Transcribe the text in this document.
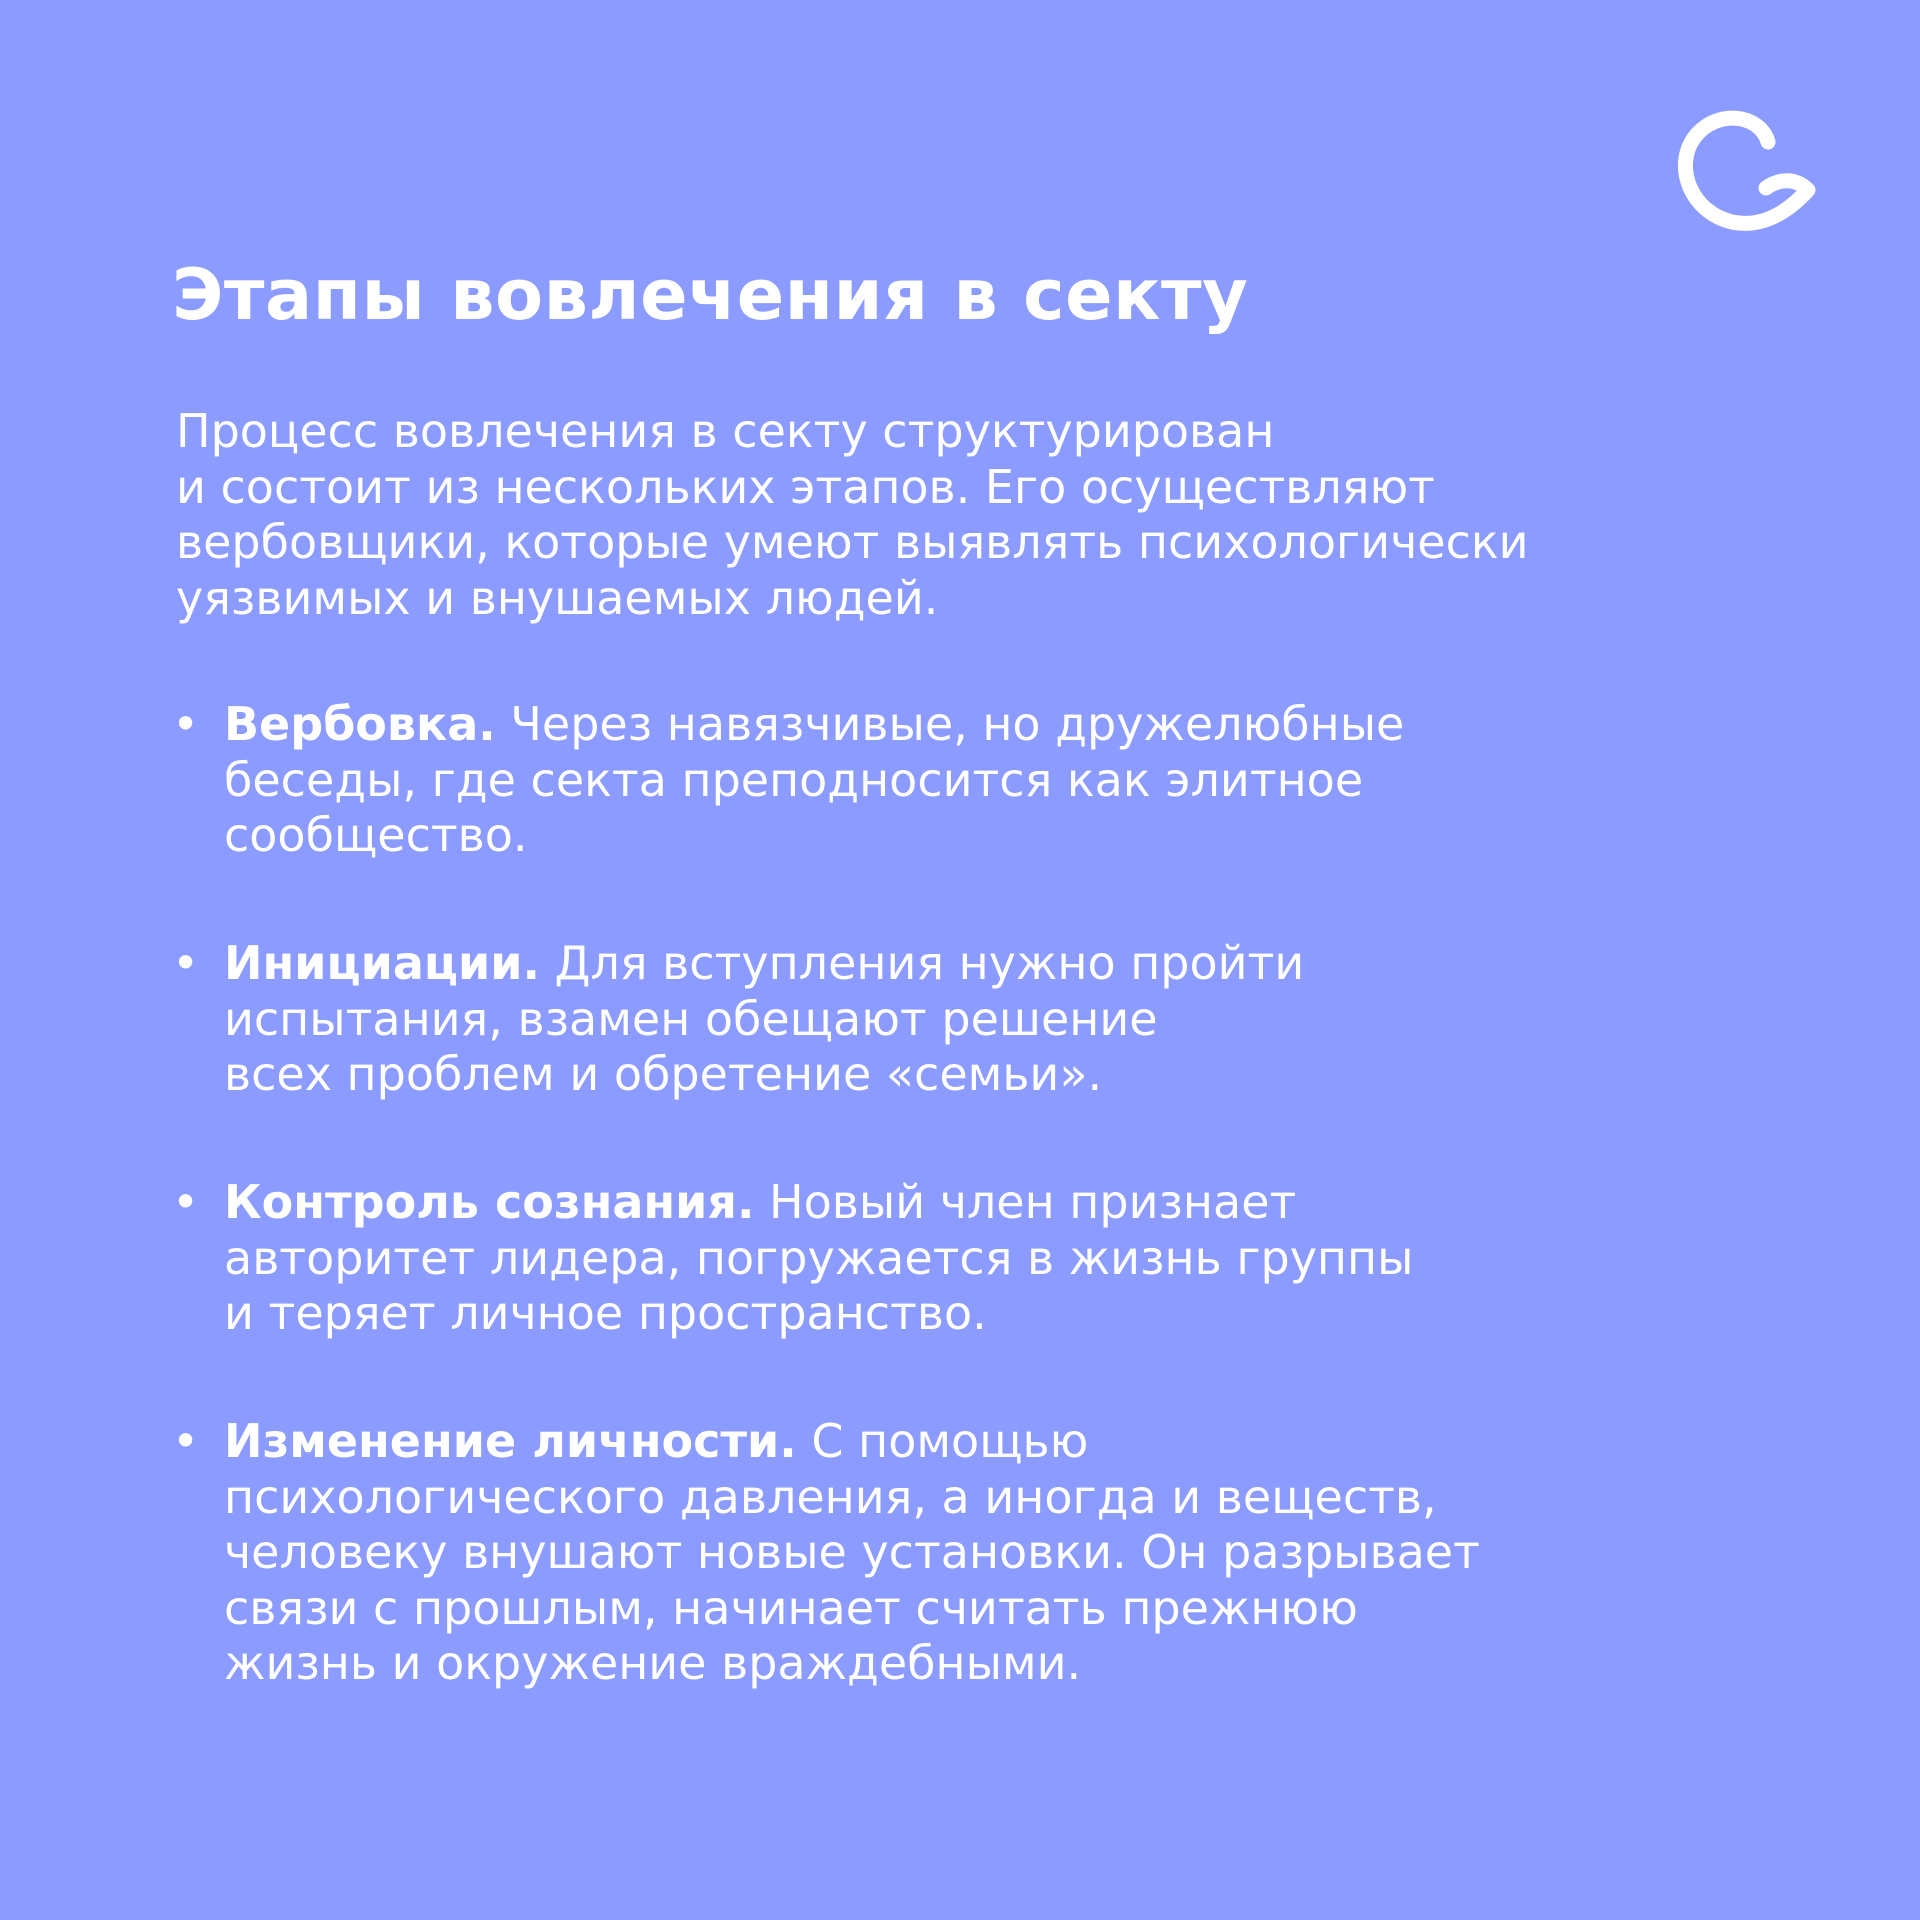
Этапы вовлечения в секту

Процесс вовлечения в секту структурирован
и состоит из нескольких этапов. Его осуществляют
вербовщики, которые умеют выявлять психологически
уязвимых и внушаемых людей.

• Вербовка. Через навязчивые, но дружелюбные
беседы, где секта преподносится как элитное
сообщество.
• Инициации. Для вступления нужно пройти
испытания, взамен обещают решение
всех проблем и обретение «семьи».
• Контроль сознания. Новый член признает
авторитет лидера, погружается в жизнь группы
и теряет личное пространство.
• Изменение личности. С помощью
психологического давления, а иногда и веществ,
человеку внушают новые установки. Он разрывает
связи с прошлым, начинает считать прежнюю
жизнь и окружение враждебными.
